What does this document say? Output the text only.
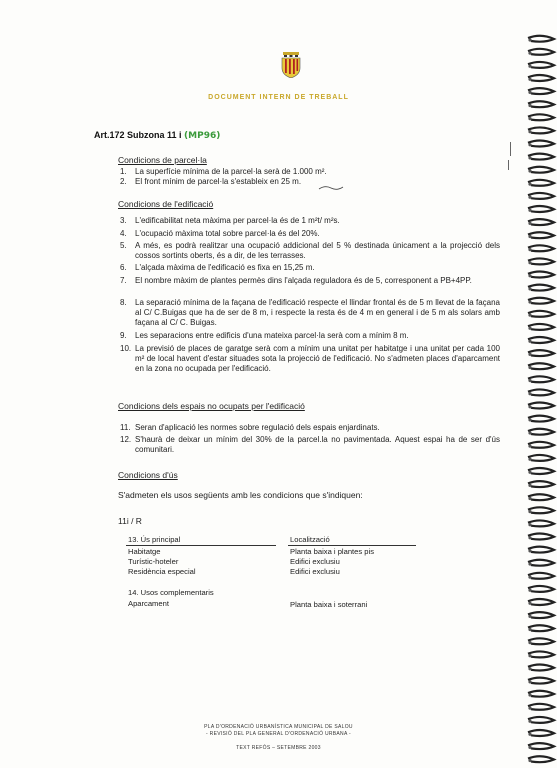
DOCUMENT INTERN DE TREBALL
Art.172 Subzona 11 i (MP96)
Condicions de parcel·la
1.	La superfície mínima de la parcel·la serà de 1.000 m².
2.	El front mínim de parcel·la s'estableix en 25 m.
Condicions de l'edificació
3.	L'edificabilitat neta màxima per parcel·la és de 1 m²t/ m²s.
4.	L'ocupació màxima total sobre parcel·la és del 20%.
5.	A més, es podrà realitzar una ocupació addicional del 5 % destinada únicament a la projecció dels cossos sortints oberts, és a dir, de les terrasses.
6.	L'alçada màxima de l'edificació es fixa en 15,25 m.
7.	El nombre màxim de plantes permès dins l'alçada reguladora és de 5, corresponent a PB+4PP.
8.	La separació mínima de la façana de l'edificació respecte el llindar frontal és de 5 m llevat de la façana al C/ C.Buigas que ha de ser de 8 m, i respecte la resta és de 4 m en general i de 5 m als solars amb façana al C/ C. Buigas.
9.	Les separacions entre edificis d'una mateixa parcel·la serà com a mínim 8 m.
10. La previsió de places de garatge serà com a mínim una unitat per habitatge i una unitat per cada 100 m² de local havent d'estar situades sota la projecció de l'edificació. No s'admeten places d'aparcament en la zona no ocupada per l'edificació.
Condicions dels espais no ocupats per l'edificació
11. Seran d'aplicació les normes sobre regulació dels espais enjardinats.
12. S'haurà de deixar un mínim del 30% de la parcel.la no pavimentada. Aquest espai ha de ser d'ús comunitari.
Condicions d'ús
S'admeten els usos següents amb les condicions que s'indiquen:
11i / R
13. Ús principal	Localització
Habitatge	Planta baixa i plantes pis
Turístic-hoteler	Edifici exclusiu
Residència especial	Edifici exclusiu
14. Usos complementaris
Aparcament	Planta baixa i soterrani
PLA D'ORDENACIÓ URBANÍSTICA MUNICIPAL DE SALOU
- REVISIÓ DEL PLA GENERAL D'ORDENACIÓ URBANA -
TEXT REFÓS – SETEMBRE 2003
